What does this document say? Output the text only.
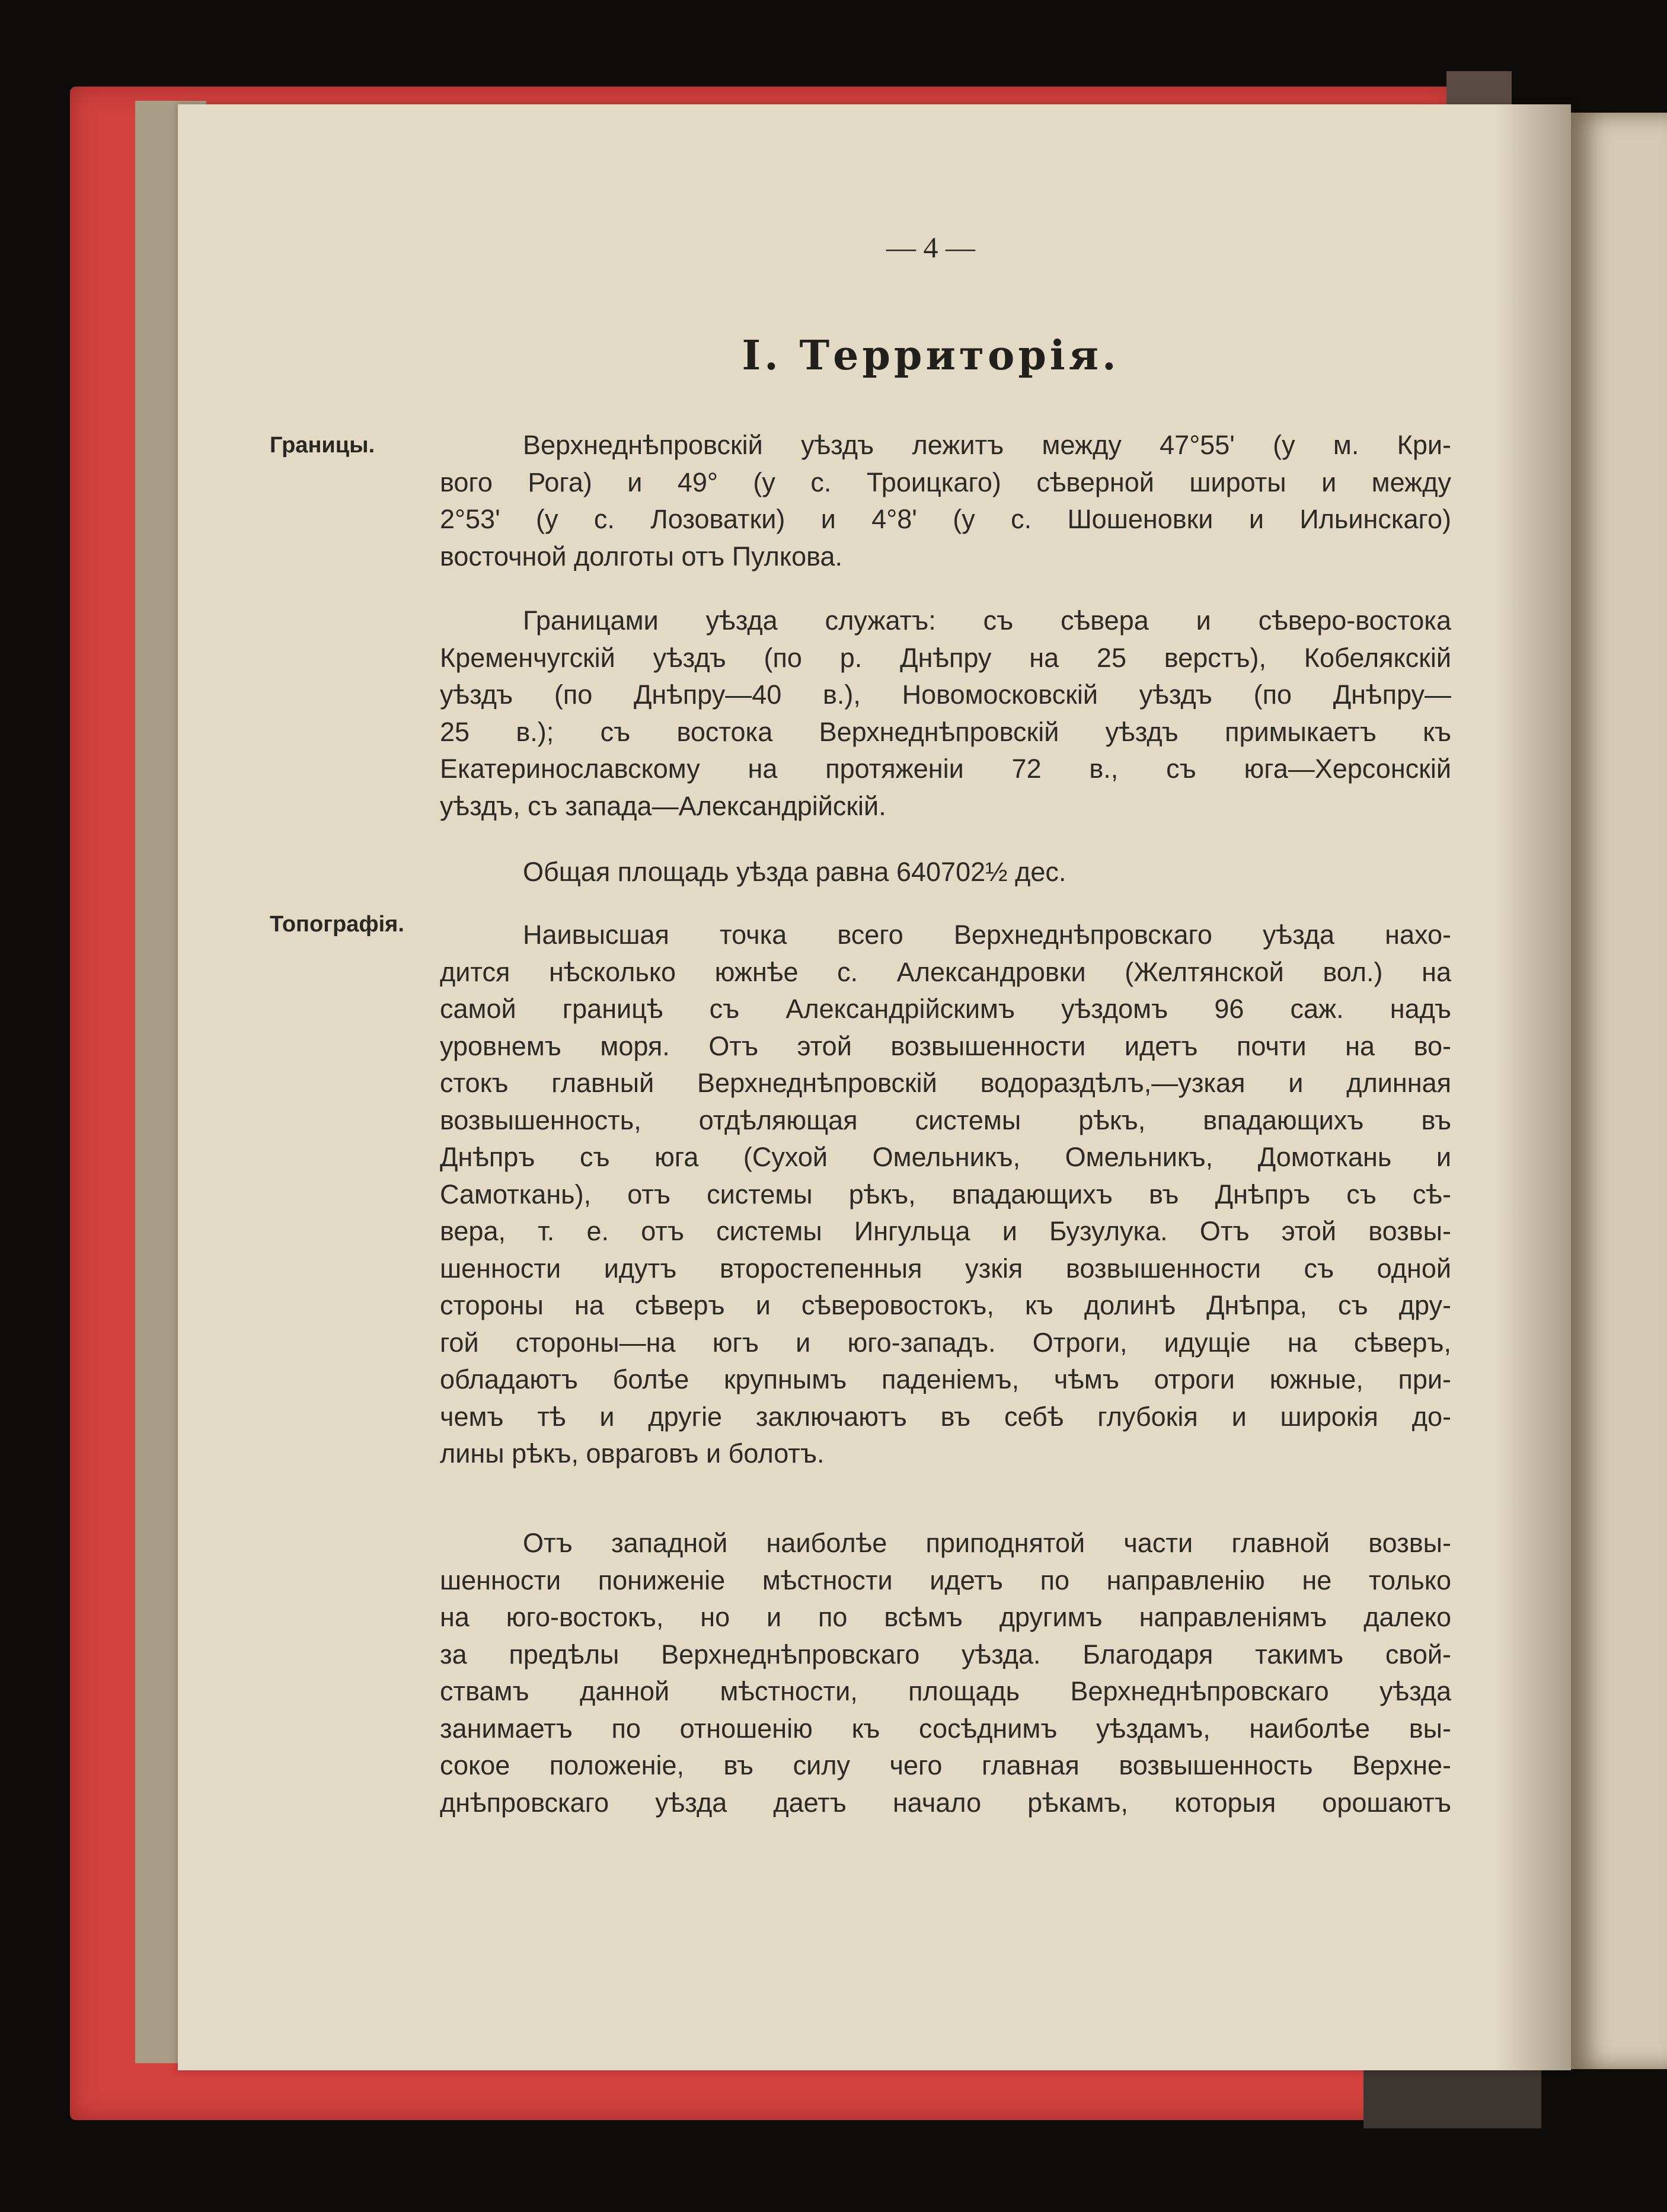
— 4 —
I. Территорія.
Границы.
Топографія.
Верхнеднѣпровскій уѣздъ лежитъ между 47°55' (у м. Кри-
вого Рога) и 49° (у с. Троицкаго) сѣверной широты и между
2°53' (у с. Лозоватки) и 4°8' (у с. Шошеновки и Ильинскаго)
восточной долготы отъ Пулкова.
Границами уѣзда служатъ: съ сѣвера и сѣверо-востока
Кременчугскій уѣздъ (по р. Днѣпру на 25 верстъ), Кобелякскій
уѣздъ (по Днѣпру—40 в.), Новомосковскій уѣздъ (по Днѣпру—
25 в.); съ востока Верхнеднѣпровскій уѣздъ примыкаетъ къ
Екатеринославскому на протяженіи 72 в., съ юга—Херсонскій
уѣздъ, съ запада—Александрійскій.
Общая площадь уѣзда равна 640702½ дес.
Наивысшая точка всего Верхнеднѣпровскаго уѣзда нахо-
дится нѣсколько южнѣе с. Александровки (Желтянской вол.) на
самой границѣ съ Александрійскимъ уѣздомъ 96 саж. надъ
уровнемъ моря. Отъ этой возвышенности идетъ почти на во-
стокъ главный Верхнеднѣпровскій водораздѣлъ,—узкая и длинная
возвышенность, отдѣляющая системы рѣкъ, впадающихъ въ
Днѣпръ съ юга (Сухой Омельникъ, Омельникъ, Домоткань и
Самоткань), отъ системы рѣкъ, впадающихъ въ Днѣпръ съ сѣ-
вера, т. е. отъ системы Ингульца и Бузулука. Отъ этой возвы-
шенности идутъ второстепенныя узкія возвышенности съ одной
стороны на сѣверъ и сѣверовостокъ, къ долинѣ Днѣпра, съ дру-
гой стороны—на югъ и юго-западъ. Отроги, идущіе на сѣверъ,
обладаютъ болѣе крупнымъ паденіемъ, чѣмъ отроги южные, при-
чемъ тѣ и другіе заключаютъ въ себѣ глубокія и широкія до-
лины рѣкъ, овраговъ и болотъ.
Отъ западной наиболѣе приподнятой части главной возвы-
шенности пониженіе мѣстности идетъ по направленію не только
на юго-востокъ, но и по всѣмъ другимъ направленіямъ далеко
за предѣлы Верхнеднѣпровскаго уѣзда. Благодаря такимъ свой-
ствамъ данной мѣстности, площадь Верхнеднѣпровскаго уѣзда
занимаетъ по отношенію къ сосѣднимъ уѣздамъ, наиболѣе вы-
сокое положеніе, въ силу чего главная возвышенность Верхне-
днѣпровскаго уѣзда даетъ начало рѣкамъ, которыя орошаютъ
